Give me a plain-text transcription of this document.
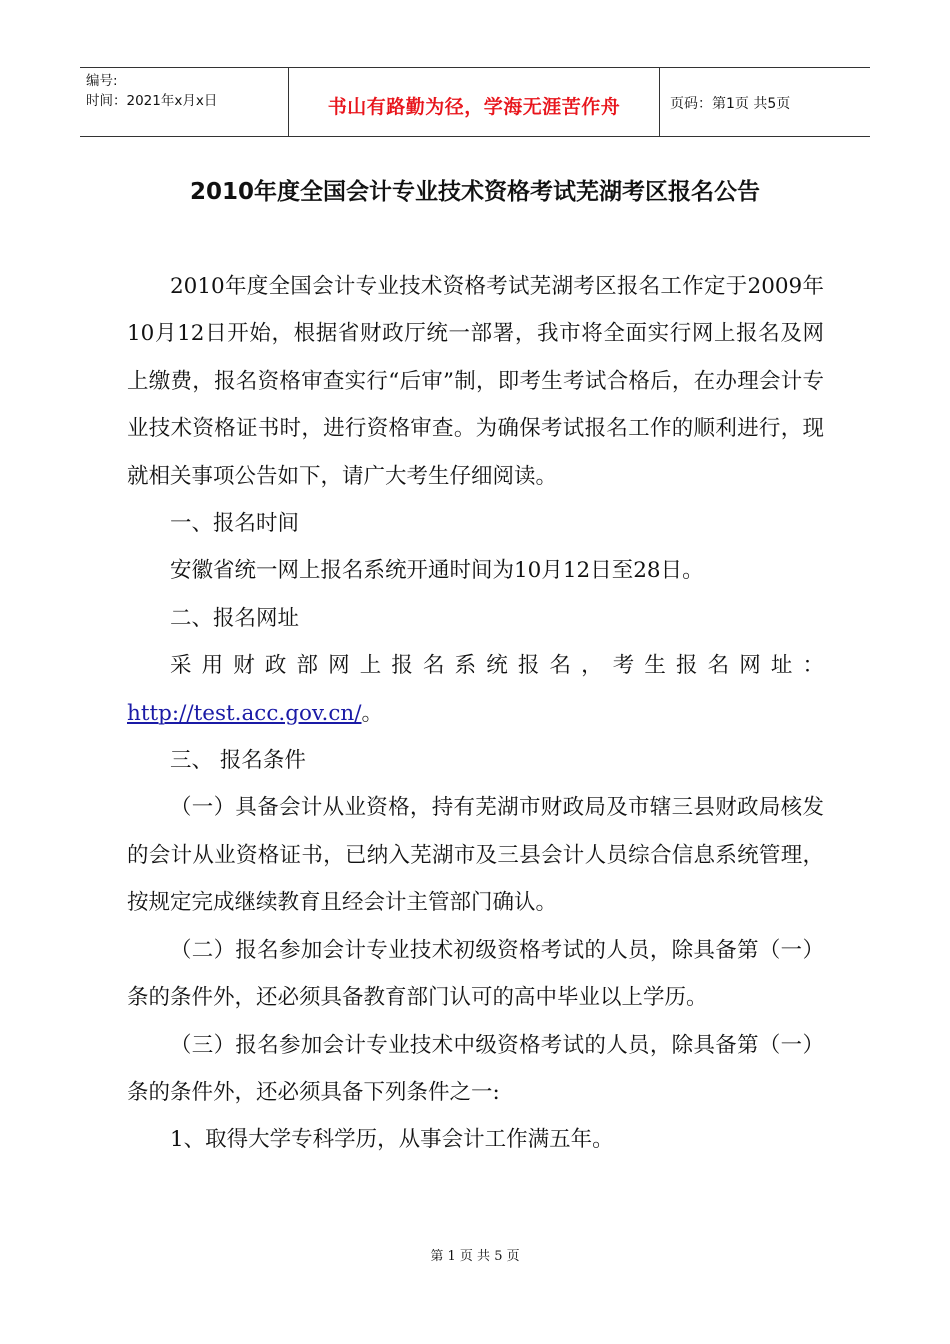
编号:
时间：2021年x月x日	书山有路勤为径，学海无涯苦作舟	页码：第1页 共5页
2010年度全国会计专业技术资格考试芜湖考区报名公告

2010年度全国会计专业技术资格考试芜湖考区报名工作定于2009年10月12日开始，根据省财政厅统一部署，我市将全面实行网上报名及网上缴费，报名资格审查实行“后审”制，即考生考试合格后，在办理会计专业技术资格证书时，进行资格审查。为确保考试报名工作的顺利进行，现就相关事项公告如下，请广大考生仔细阅读。

一、报名时间

安徽省统一网上报名系统开通时间为10月12日至28日。

二、报名网址

采用财政部网上报名系统报名，考生报名网址：

http://test.acc.gov.cn/。

三、 报名条件

（一）具备会计从业资格，持有芜湖市财政局及市辖三县财政局核发的会计从业资格证书，已纳入芜湖市及三县会计人员综合信息系统管理，按规定完成继续教育且经会计主管部门确认。

（二）报名参加会计专业技术初级资格考试的人员，除具备第（一）条的条件外，还必须具备教育部门认可的高中毕业以上学历。

（三）报名参加会计专业技术中级资格考试的人员，除具备第（一）条的条件外，还必须具备下列条件之一:

1、取得大学专科学历，从事会计工作满五年。

第 1 页 共 5 页
